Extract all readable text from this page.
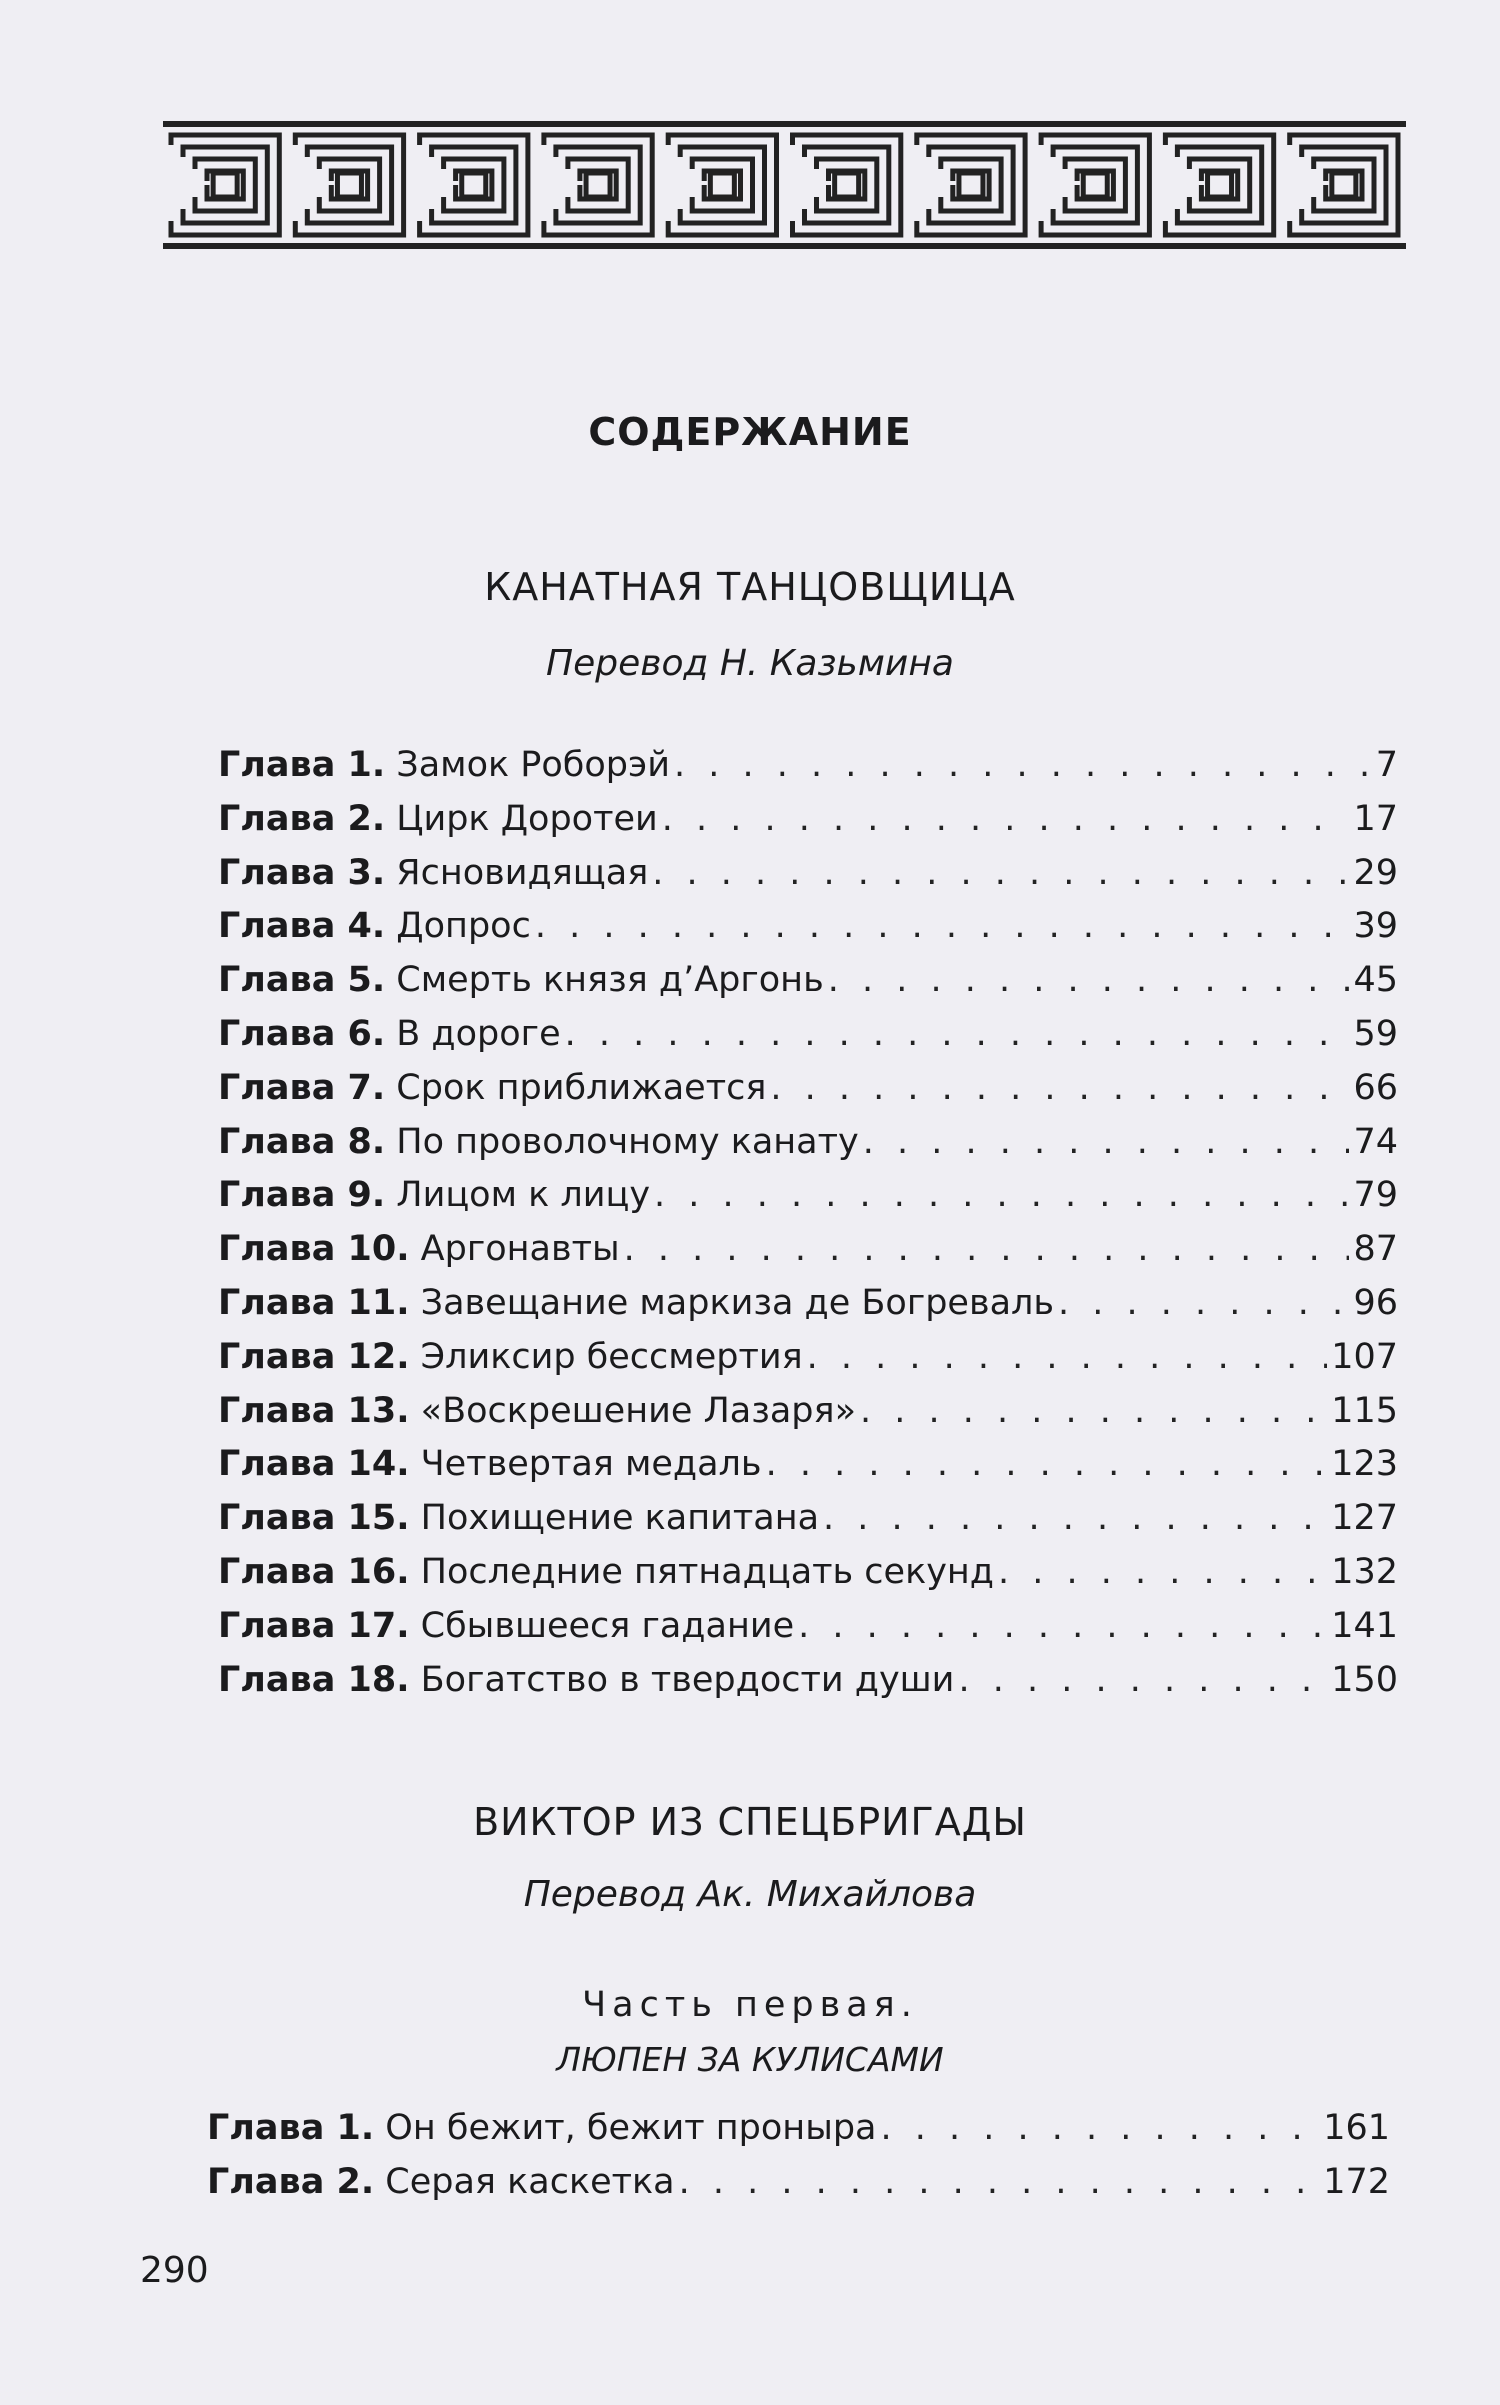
СОДЕРЖАНИЕ
КАНАТНАЯ ТАНЦОВЩИЦА
Перевод Н. Казьмина
Глава 1.
Замок Роборэй . . .	7
Глава 2.
Цирк Доротеи . . .	17
Глава 3.
Ясновидящая . . .	29
Глава 4.
Допрос . . .	39
Глава 5.
Смерть князя д’Аргонь . . .	45
Глава 6.
В дороге . . .	59
Глава 7.
Срок приближается . . .	66
Глава 8.
По проволочному канату . . .	74
Глава 9.
Лицом к лицу . . .	79
Глава 10.
Аргонавты . . .	87
Глава 11.
Завещание маркиза де Богреваль . . .	96
Глава 12.
Эликсир бессмертия . . .	107
Глава 13.
«Воскрешение Лазаря» . . .	115
Глава 14.
Четвертая медаль . . .	123
Глава 15.
Похищение капитана . . .	127
Глава 16.
Последние пятнадцать секунд . . .	132
Глава 17.
Сбывшееся гадание . . .	141
Глава 18.
Богатство в твердости души . . .	150
ВИКТОР ИЗ СПЕЦБРИГАДЫ
Перевод Ак. Михайлова
Часть первая.
ЛЮПЕН ЗА КУЛИСАМИ
Глава 1.
Он бежит, бежит проныра . . .	161
Глава 2.
Серая каскетка . . .	172
290
